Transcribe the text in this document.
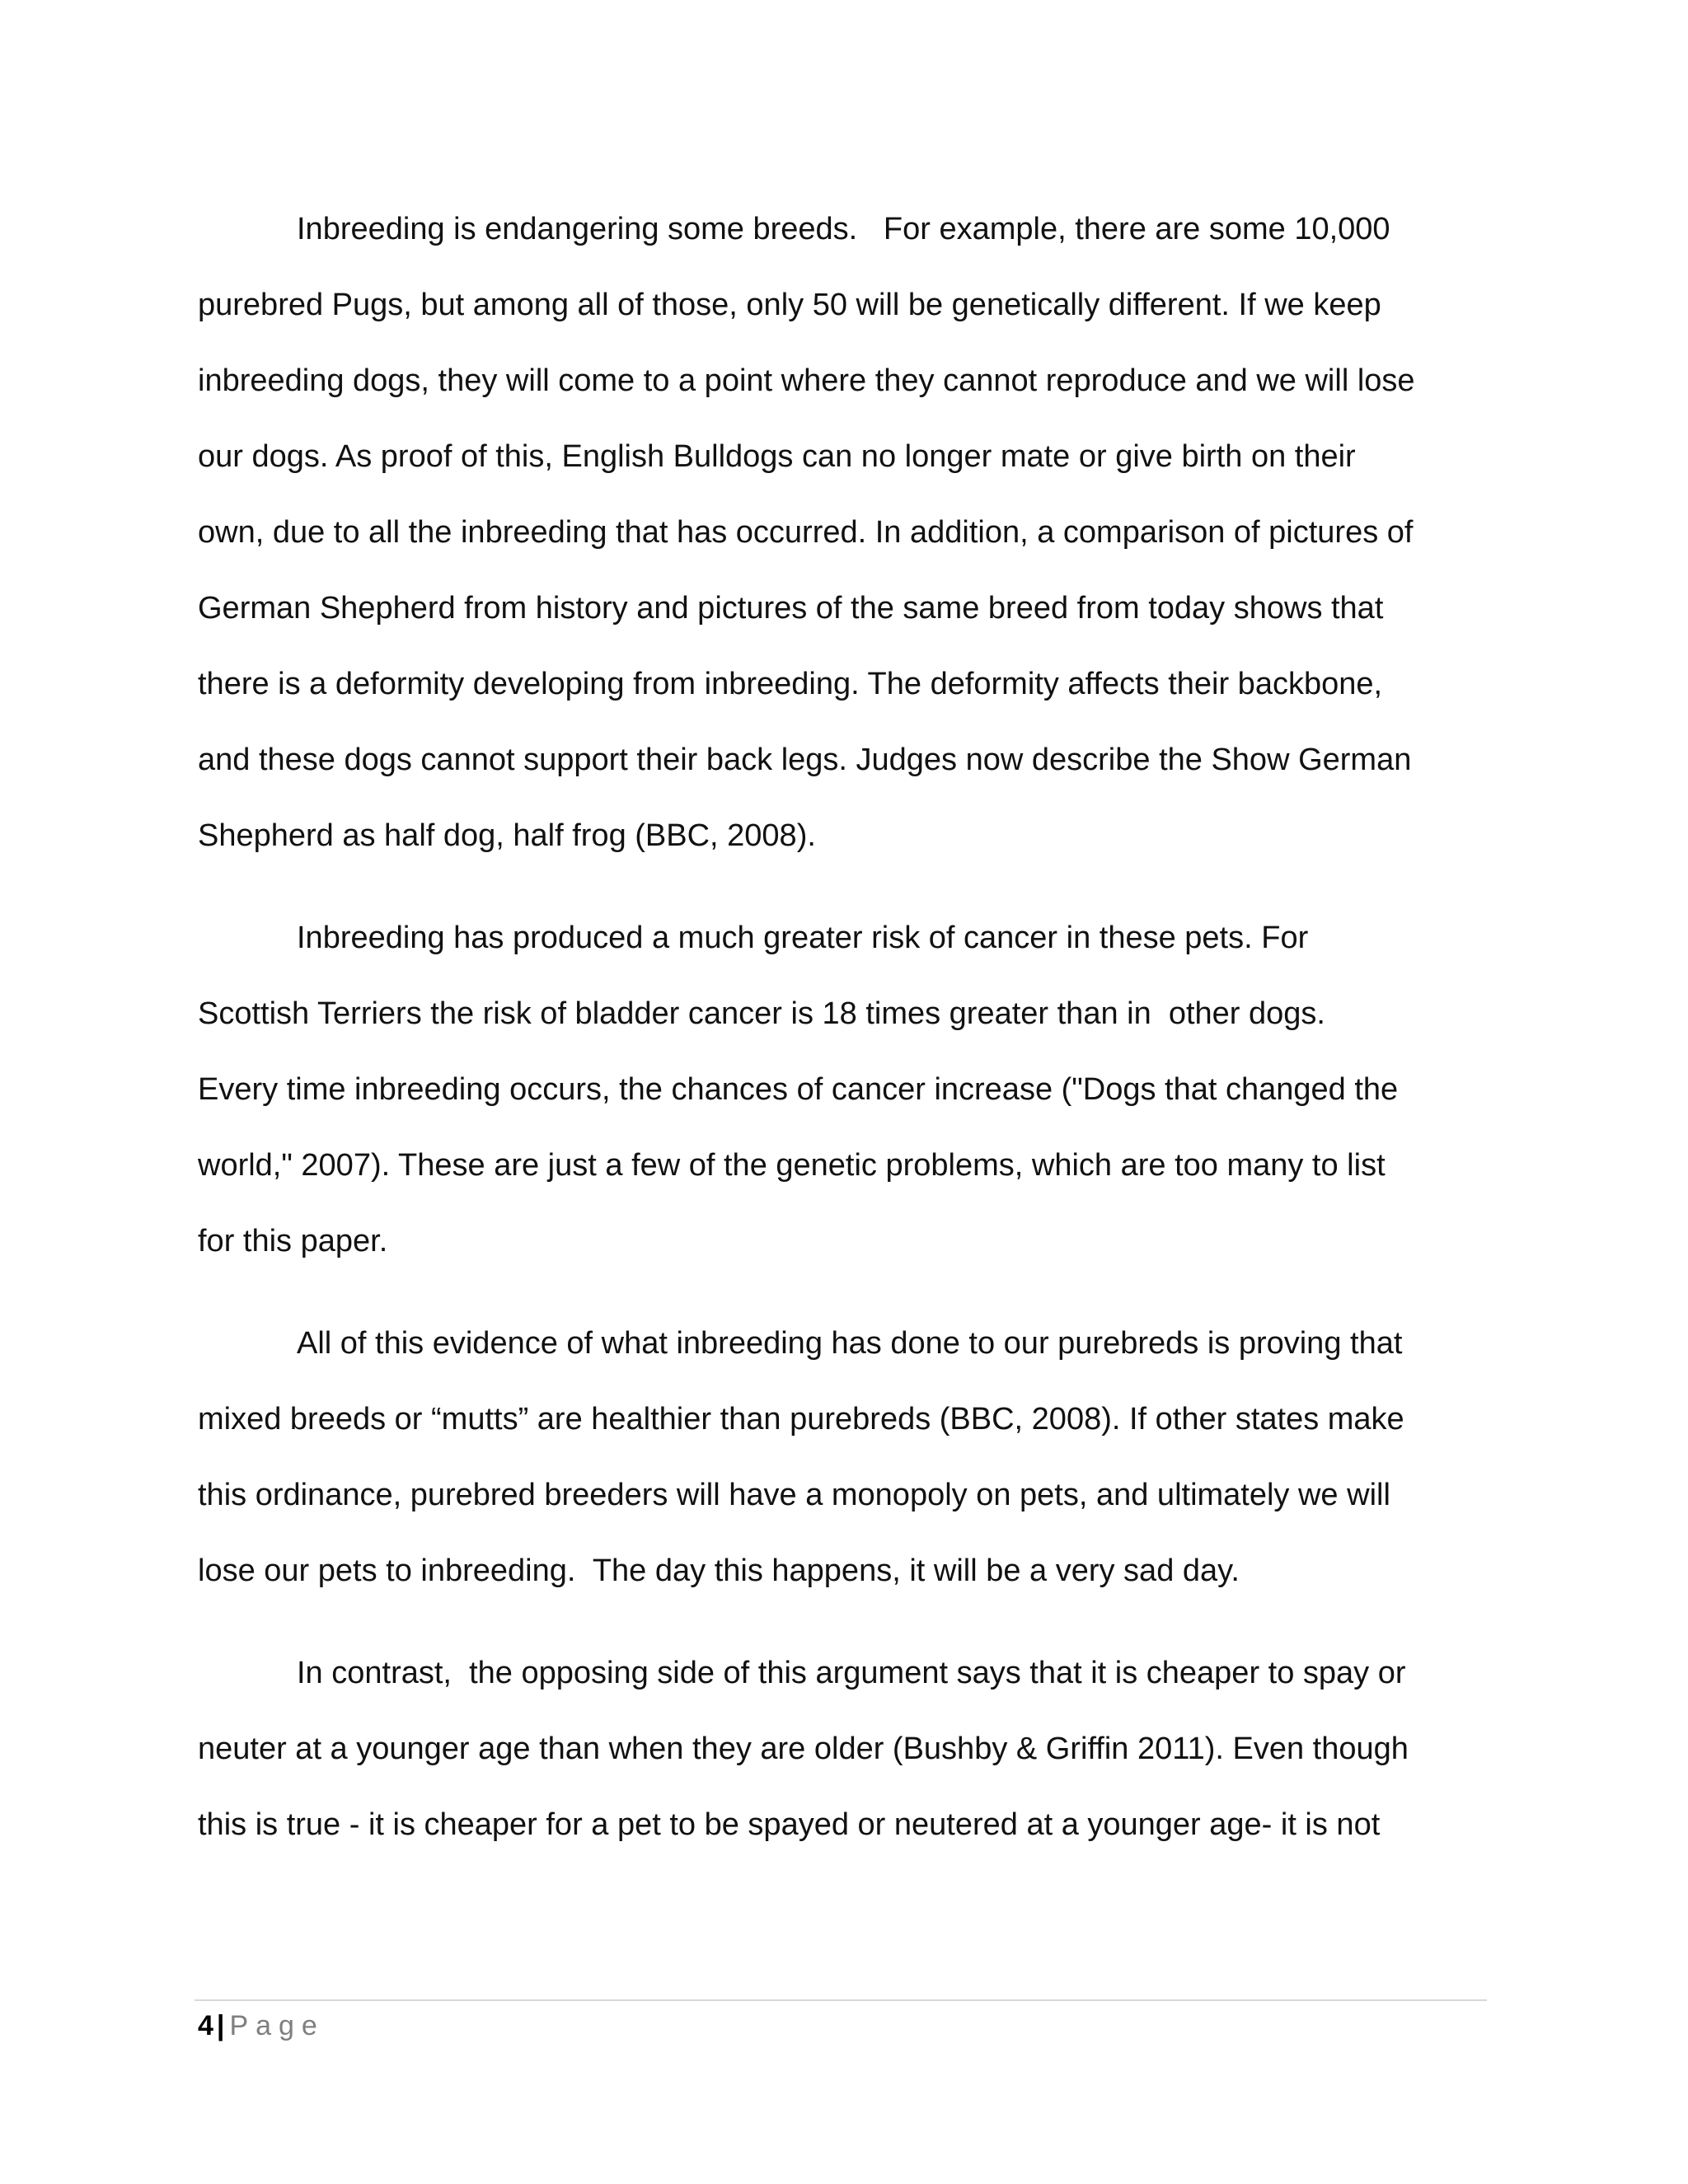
Inbreeding is endangering some breeds.   For example, there are some 10,000
purebred Pugs, but among all of those, only 50 will be genetically different. If we keep
inbreeding dogs, they will come to a point where they cannot reproduce and we will lose
our dogs. As proof of this, English Bulldogs can no longer mate or give birth on their
own, due to all the inbreeding that has occurred. In addition, a comparison of pictures of
German Shepherd from history and pictures of the same breed from today shows that
there is a deformity developing from inbreeding. The deformity affects their backbone,
and these dogs cannot support their back legs. Judges now describe the Show German
Shepherd as half dog, half frog (BBC, 2008).
Inbreeding has produced a much greater risk of cancer in these pets. For
Scottish Terriers the risk of bladder cancer is 18 times greater than in  other dogs.
Every time inbreeding occurs, the chances of cancer increase ("Dogs that changed the
world," 2007). These are just a few of the genetic problems, which are too many to list
for this paper.
All of this evidence of what inbreeding has done to our purebreds is proving that
mixed breeds or “mutts” are healthier than purebreds (BBC, 2008). If other states make
this ordinance, purebred breeders will have a monopoly on pets, and ultimately we will
lose our pets to inbreeding.  The day this happens, it will be a very sad day.
In contrast,  the opposing side of this argument says that it is cheaper to spay or
neuter at a younger age than when they are older (Bushby & Griffin 2011). Even though
this is true - it is cheaper for a pet to be spayed or neutered at a younger age- it is not
4 | Page
